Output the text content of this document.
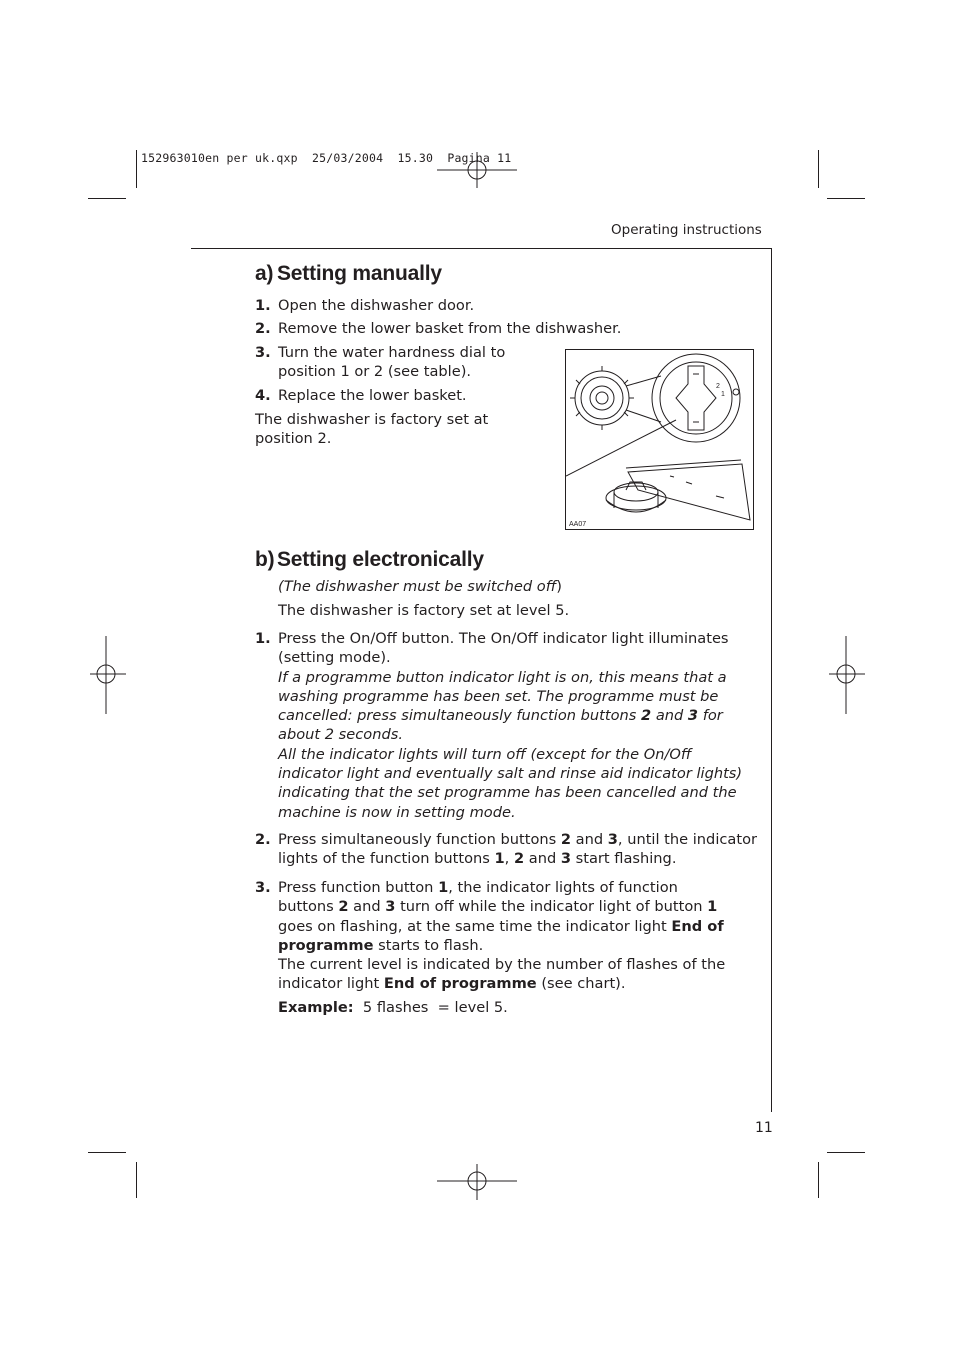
152963010en per uk.qxp  25/03/2004  15.30  Pagina 11
Operating instructions
a) Setting manually
1. Open the dishwasher door.
2. Remove the lower basket from the dishwasher.
3. Turn the water hardness dial to
position 1 or 2 (see table).
4. Replace the lower basket.
The dishwasher is factory set at
position 2.
2
1
AA07
b) Setting electronically
(The dishwasher must be switched off)
The dishwasher is factory set at level 5.
1. Press the On/Off button. The On/Off indicator light illuminates
(setting mode).
If a programme button indicator light is on, this means that a
washing programme has been set. The programme must be
cancelled: press simultaneously function buttons 2 and 3 for
about 2 seconds.
All the indicator lights will turn off (except for the On/Off
indicator light and eventually salt and rinse aid indicator lights)
indicating that the set programme has been cancelled and the
machine is now in setting mode.
2. Press simultaneously function buttons 2 and 3, until the indicator
lights of the function buttons 1, 2 and 3 start flashing.
3. Press function button 1, the indicator lights of function
buttons 2 and 3 turn off while the indicator light of button 1
goes on flashing, at the same time the indicator light End of
programme starts to flash.
The current level is indicated by the number of flashes of the
indicator light End of programme (see chart).
Example:  5 flashes  = level 5.
11
